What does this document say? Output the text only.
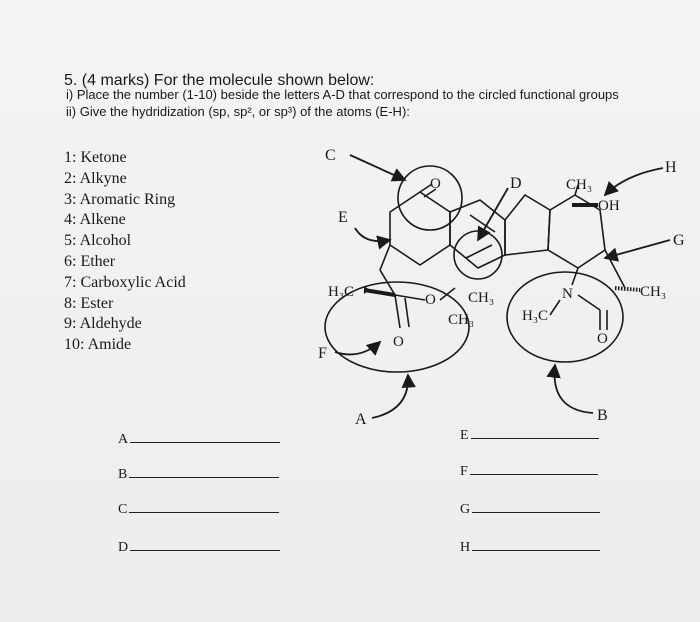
5. (4 marks) For the molecule shown below:

i) Place the number (1-10) beside the letters A-D that correspond to the circled functional groups

ii) Give the hydridization (sp, sp², or sp³) of the atoms (E-H):

1: Ketone
2: Alkyne
3: Aromatic Ring
4: Alkene
5: Alcohol
6: Ether
7: Carboxylic Acid
8: Ester
9: Aldehyde
10: Amide
C
D
E
F
A	B
H
G
O	CH₃
OH
CH₃
H₃C	O CH₃
CH₃
O
N
H₃C
O
A
B
C
D
E
F
G
H
